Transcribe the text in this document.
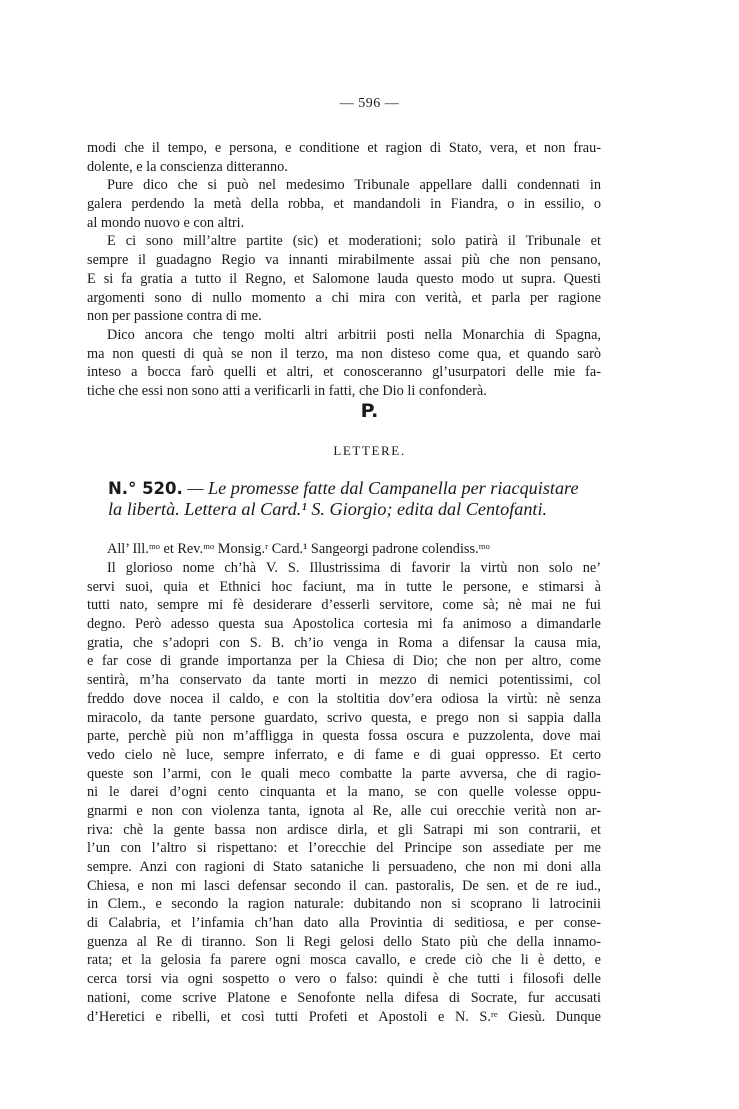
— 596 —
modi che il tempo, e persona, e conditione et ragion di Stato, vera, et non frau-
dolente, e la conscienza ditteranno.
Pure dico che si può nel medesimo Tribunale appellare dalli condennati in
galera perdendo la metà della robba, et mandandoli in Fiandra, o in essilio, o
al mondo nuovo e con altri.
E ci sono mill’altre partite (sic) et moderationi; solo patirà il Tribunale et
sempre il guadagno Regio va innanti mirabilmente assai più che non pensano,
E si fa gratia a tutto il Regno, et Salomone lauda questo modo ut supra. Questi
argomenti sono di nullo momento a chi mira con verità, et parla per ragione
non per passione contra di me.
Dico ancora che tengo molti altri arbitrii posti nella Monarchia di Spagna,
ma non questi di quà se non il terzo, ma non disteso come qua, et quando sarò
inteso a bocca farò quelli et altri, et conosceranno gl’usurpatori delle mie fa-
tiche che essi non sono atti a verificarli in fatti, che Dio li confonderà.
P.
LETTERE.
N.° 520. — Le promesse fatte dal Campanella per riacquistare
la libertà. Lettera al Card.¹ S. Giorgio; edita dal Centofanti.
All’ Ill.ᵐᵒ et Rev.ᵐᵒ Monsig.ʳ Card.¹ Sangeorgi padrone colendiss.ᵐᵒ
Il glorioso nome ch’hà V. S. Illustrissima di favorir la virtù non solo ne’
servi suoi, quia et Ethnici hoc faciunt, ma in tutte le persone, e stimarsi à
tutti nato, sempre mi fè desiderare d’esserli servitore, come sà; nè mai ne fui
degno. Però adesso questa sua Apostolica cortesia mi fa animoso a dimandarle
gratia, che s’adopri con S. B. ch’io venga in Roma a difensar la causa mia,
e far cose di grande importanza per la Chiesa di Dio; che non per altro, come
sentirà, m’ha conservato da tante morti in mezzo di nemici potentissimi, col
freddo dove nocea il caldo, e con la stoltitia dov’era odiosa la virtù: nè senza
miracolo, da tante persone guardato, scrivo questa, e prego non si sappia dalla
parte, perchè più non m’affligga in questa fossa oscura e puzzolenta, dove mai
vedo cielo nè luce, sempre inferrato, e di fame e di guai oppresso. Et certo
queste son l’armi, con le quali meco combatte la parte avversa, che di ragio-
ni le darei d’ogni cento cinquanta et la mano, se con quelle volesse oppu-
gnarmi e non con violenza tanta, ignota al Re, alle cui orecchie verità non ar-
riva: chè la gente bassa non ardisce dirla, et gli Satrapi mi son contrarii, et
l’un con l’altro si rispettano: et l’orecchie del Principe son assediate per me
sempre. Anzi con ragioni di Stato sataniche li persuadeno, che non mi doni alla
Chiesa, e non mi lasci defensar secondo il can. pastoralis, De sen. et de re iud.,
in Clem., e secondo la ragion naturale: dubitando non si scoprano li latrocinii
di Calabria, et l’infamia ch’han dato alla Provintia di seditiosa, e per conse-
guenza al Re di tiranno. Son li Regi gelosi dello Stato più che della innamo-
rata; et la gelosia fa parere ogni mosca cavallo, e crede ciò che li è detto, e
cerca torsi via ogni sospetto o vero o falso: quindi è che tutti i filosofi delle
nationi, come scrive Platone e Senofonte nella difesa di Socrate, fur accusati
d’Heretici e ribelli, et così tutti Profeti et Apostoli e N. S.ʳᵉ Giesù. Dunque
